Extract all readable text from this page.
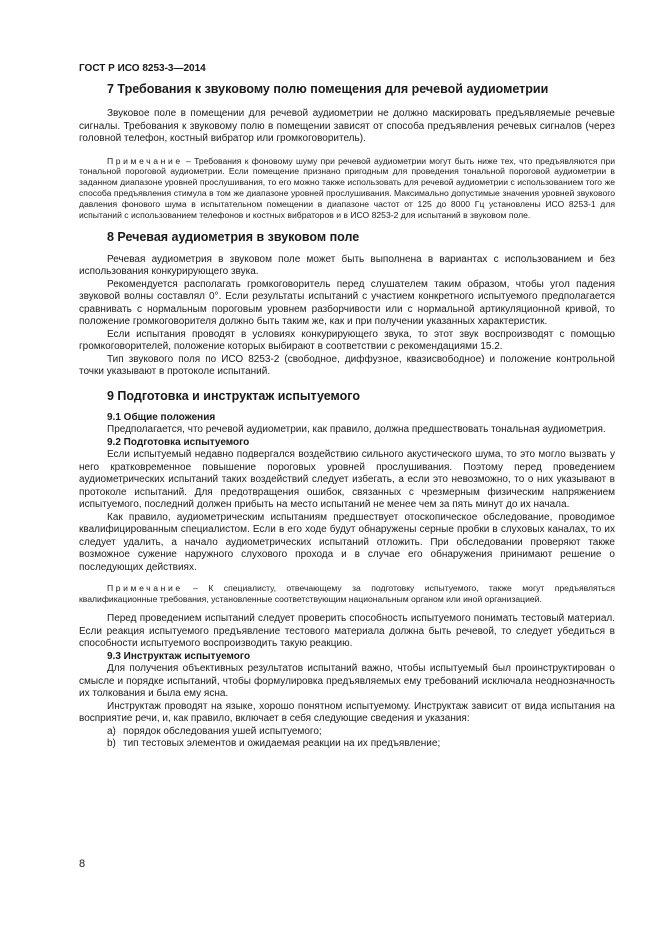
ГОСТ Р ИСО 8253-3—2014
7 Требования к звуковому полю помещения для речевой аудиометрии

Звуковое поле в помещении для речевой аудиометрии не должно маскировать предъявляемые речевые сигналы. Требования к звуковому полю в помещении зависят от способа предъявления речевых сигналов (через головной телефон, костный вибратор или громкоговоритель).

Примечание – Требования к фоновому шуму при речевой аудиометрии могут быть ниже тех, что предъявляются при тональной пороговой аудиометрии. Если помещение признано пригодным для проведения тональной пороговой аудиометрии в заданном диапазоне уровней прослушивания, то его можно также использовать для речевой аудиометрии с использованием того же способа предъявления стимула в том же диапазоне уровней прослушивания. Максимально допустимые значения уровней звукового давления фонового шума в испытательном помещении в диапазоне частот от 125 до 8000 Гц установлены ИСО 8253-1 для испытаний с использованием телефонов и костных вибраторов и в ИСО 8253-2 для испытаний в звуковом поле.

8 Речевая аудиометрия в звуковом поле

Речевая аудиометрия в звуковом поле может быть выполнена в вариантах с использованием и без использования конкурирующего звука.

Рекомендуется располагать громкоговоритель перед слушателем таким образом, чтобы угол падения звуковой волны составлял 0°. Если результаты испытаний с участием конкретного испытуемого предполагается сравнивать с нормальным пороговым уровнем разборчивости или с нормальной артикуляционной кривой, то положение громкоговорителя должно быть таким же, как и при получении указанных характеристик.

Если испытания проводят в условиях конкурирующего звука, то этот звук воспроизводят с помощью громкоговорителей, положение которых выбирают в соответствии с рекомендациями 15.2.

Тип звукового поля по ИСО 8253-2 (свободное, диффузное, квазисвободное) и положение контрольной точки указывают в протоколе испытаний.

9 Подготовка и инструктаж испытуемого
9.1 Общие положения

Предполагается, что речевой аудиометрии, как правило, должна предшествовать тональная аудиометрия.

9.2 Подготовка испытуемого

Если испытуемый недавно подвергался воздействию сильного акустического шума, то это могло вызвать у него кратковременное повышение пороговых уровней прослушивания. Поэтому перед проведением аудиометрических испытаний таких воздействий следует избегать, а если это невозможно, то о них указывают в протоколе испытаний. Для предотвращения ошибок, связанных с чрезмерным физическим напряжением испытуемого, последний должен прибыть на место испытаний не менее чем за пять минут до их начала.

Как правило, аудиометрическим испытаниям предшествует отоскопическое обследование, проводимое квалифицированным специалистом. Если в его ходе будут обнаружены серные пробки в слуховых каналах, то их следует удалить, а начало аудиометрических испытаний отложить. При обследовании проверяют также возможное сужение наружного слухового прохода и в случае его обнаружения принимают решение о последующих действиях.

Примечание – К специалисту, отвечающему за подготовку испытуемого, также могут предъявляться квалификационные требования, установленные соответствующим национальным органом или иной организацией.

Перед проведением испытаний следует проверить способность испытуемого понимать тестовый материал. Если реакция испытуемого предъявление тестового материала должна быть речевой, то следует убедиться в способности испытуемого воспроизводить такую реакцию.

9.3 Инструктаж испытуемого

Для получения объективных результатов испытаний важно, чтобы испытуемый был проинструктирован о смысле и порядке испытаний, чтобы формулировка предъявляемых ему требований исключала неоднозначность их толкования и была ему ясна.

Инструктаж проводят на языке, хорошо понятном испытуемому. Инструктаж зависит от вида испытания на восприятие речи, и, как правило, включает в себя следующие сведения и указания:

a) порядок обследования ушей испытуемого;
b) тип тестовых элементов и ожидаемая реакции на их предъявление;
8
